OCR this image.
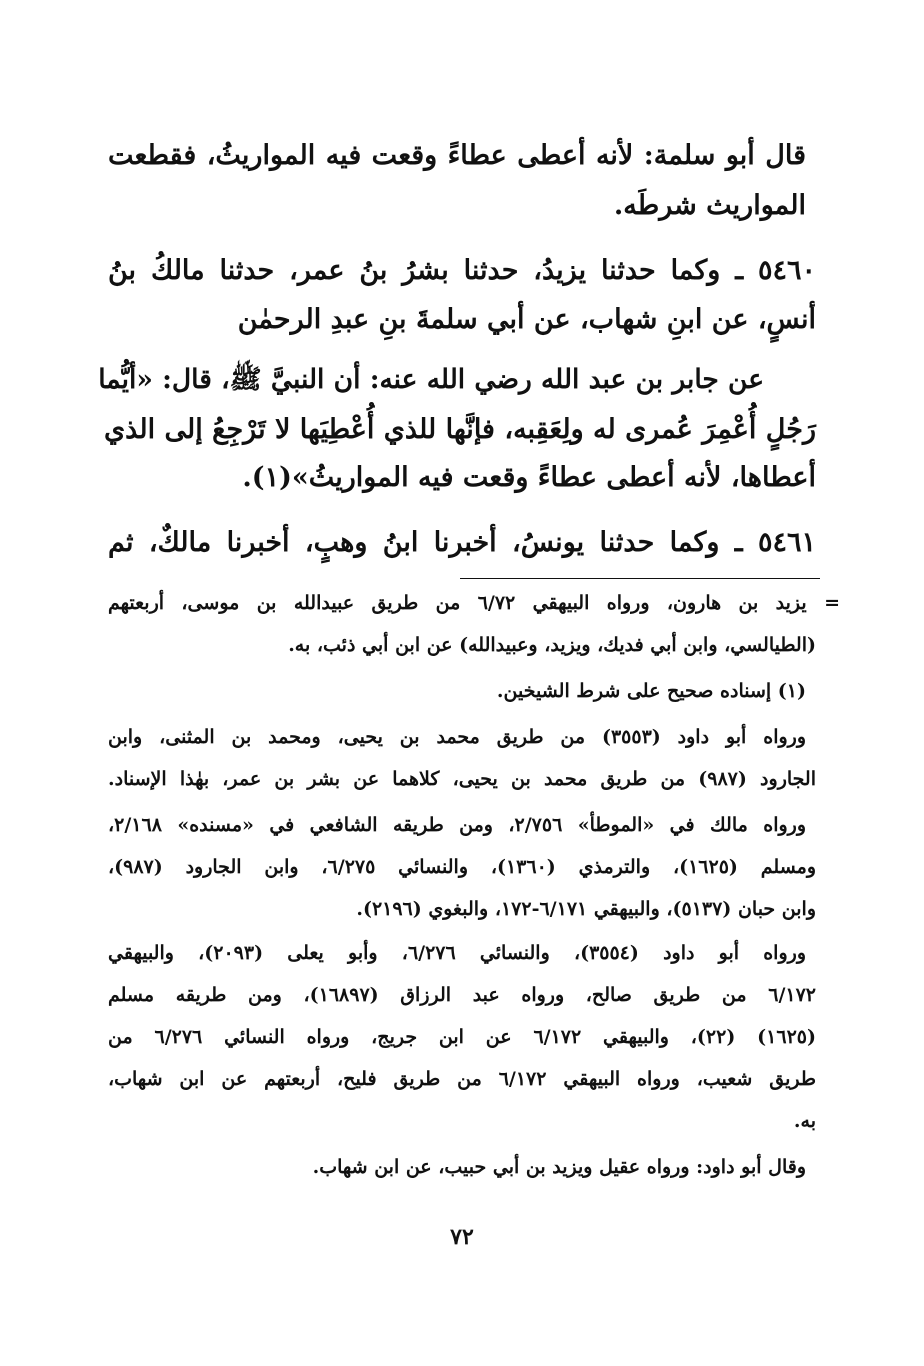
قال أبو سلمة: لأنه أعطى عطاءً وقعت فيه المواريثُ، فقطعت
المواريث شرطَه.
٥٤٦٠ ـ وكما حدثنا يزيدُ، حدثنا بشرُ بنُ عمر، حدثنا مالكُ بنُ
أنسٍ، عن ابنِ شهاب، عن أبي سلمةَ بنِ عبدِ الرحمٰن
عن جابر بن عبد الله رضي الله عنه: أن النبيَّ ﷺ، قال: «أيُّما
رَجُلٍ أُعْمِرَ عُمرى له ولِعَقِبه، فإنَّها للذي أُعْطِيَها لا تَرْجِعُ إلى الذي
أعطاها، لأنه أعطى عطاءً وقعت فيه المواريثُ»(١).
٥٤٦١ ـ وكما حدثنا يونسُ، أخبرنا ابنُ وهبٍ، أخبرنا مالكٌ، ثم
= يزيد بن هارون، ورواه البيهقي ٦/٧٢ من طريق عبيدالله بن موسى، أربعتهم
(الطيالسي، وابن أبي فديك، ويزيد، وعبيدالله) عن ابن أبي ذئب، به.
(١) إسناده صحيح على شرط الشيخين.
ورواه أبو داود (٣٥٥٣) من طريق محمد بن يحيى، ومحمد بن المثنى، وابن
الجارود (٩٨٧) من طريق محمد بن يحيى، كلاهما عن بشر بن عمر، بهٰذا الإسناد.
ورواه مالك في «الموطأ» ٢/٧٥٦، ومن طريقه الشافعي في «مسنده» ٢/١٦٨،
ومسلم (١٦٢٥)، والترمذي (١٣٦٠)، والنسائي ٦/٢٧٥، وابن الجارود (٩٨٧)،
وابن حبان (٥١٣٧)، والبيهقي ٦/١٧١-١٧٢، والبغوي (٢١٩٦).
ورواه أبو داود (٣٥٥٤)، والنسائي ٦/٢٧٦، وأبو يعلى (٢٠٩٣)، والبيهقي
٦/١٧٢ من طريق صالح، ورواه عبد الرزاق (١٦٨٩٧)، ومن طريقه مسلم
(١٦٢٥) (٢٢)، والبيهقي ٦/١٧٢ عن ابن جريج، ورواه النسائي ٦/٢٧٦ من
طريق شعيب، ورواه البيهقي ٦/١٧٢ من طريق فليح، أربعتهم عن ابن شهاب،
به.
وقال أبو داود: ورواه عقيل ويزيد بن أبي حبيب، عن ابن شهاب.
٧٢
